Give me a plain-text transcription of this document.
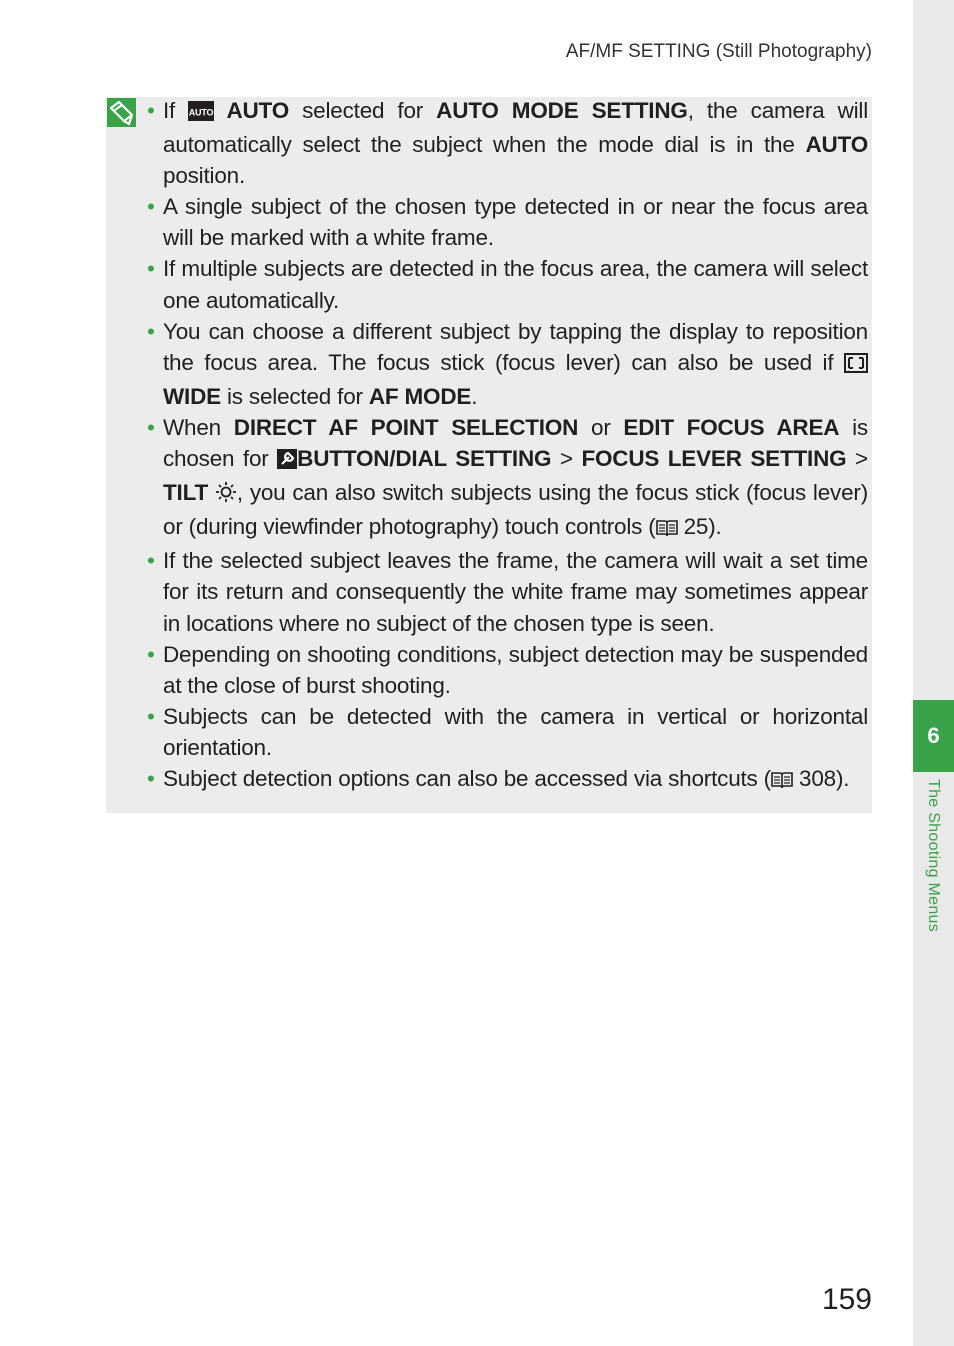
AF/MF SETTING (Still Photography)
6
The Shooting Menus
• If AUTO AUTO selected for AUTO MODE SETTING, the camera will automatically select the subject when the mode dial is in the AUTO position.
• A single subject of the chosen type detected in or near the focus area will be marked with a white frame.
• If multiple subjects are detected in the focus area, the camera will select one automatically.
• You can choose a different subject by tapping the display to reposition the focus area. The focus stick (focus lever) can also be used if  WIDE is selected for AF MODE.
• When DIRECT AF POINT SELECTION or EDIT FOCUS AREA is chosen for BUTTON/DIAL SETTING > FOCUS LEVER SETTING > TILT , you can also switch subjects using the focus stick (focus lever) or (during viewfinder photography) touch controls ( 25).
• If the selected subject leaves the frame, the camera will wait a set time for its return and consequently the white frame may sometimes appear in locations where no subject of the chosen type is seen.
• Depending on shooting conditions, subject detection may be suspended at the close of burst shooting.
• Subjects can be detected with the camera in vertical or horizontal orientation.
• Subject detection options can also be accessed via shortcuts ( 308).
159
